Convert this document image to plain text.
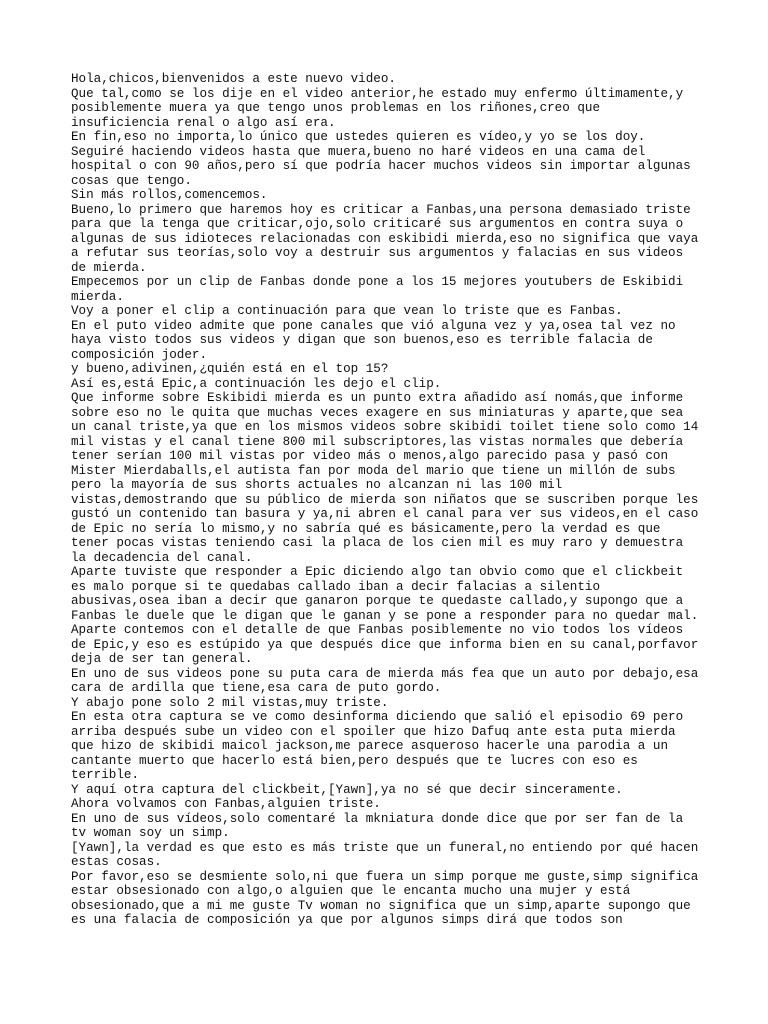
Hola,chicos,bienvenidos a este nuevo video.
Que tal,como se los dije en el video anterior,he estado muy enfermo últimamente,y
posiblemente muera ya que tengo unos problemas en los riñones,creo que
insuficiencia renal o algo así era.
En fin,eso no importa,lo único que ustedes quieren es vídeo,y yo se los doy.
Seguiré haciendo videos hasta que muera,bueno no haré videos en una cama del
hospital o con 90 años,pero sí que podría hacer muchos videos sin importar algunas
cosas que tengo.
Sin más rollos,comencemos.
Bueno,lo primero que haremos hoy es criticar a Fanbas,una persona demasiado triste
para que la tenga que criticar,ojo,solo criticaré sus argumentos en contra suya o
algunas de sus idioteces relacionadas con eskibidi mierda,eso no significa que vaya
a refutar sus teorías,solo voy a destruir sus argumentos y falacias en sus videos
de mierda.
Empecemos por un clip de Fanbas donde pone a los 15 mejores youtubers de Eskibidi
mierda.
Voy a poner el clip a continuación para que vean lo triste que es Fanbas.
En el puto video admite que pone canales que vió alguna vez y ya,osea tal vez no
haya visto todos sus videos y digan que son buenos,eso es terrible falacia de
composición joder.
y bueno,adivinen,¿quién está en el top 15?
Así es,está Epic,a continuación les dejo el clip.
Que informe sobre Eskibidi mierda es un punto extra añadido así nomás,que informe
sobre eso no le quita que muchas veces exagere en sus miniaturas y aparte,que sea
un canal triste,ya que en los mismos videos sobre skibidi toilet tiene solo como 14
mil vistas y el canal tiene 800 mil subscriptores,las vistas normales que debería
tener serían 100 mil vistas por video más o menos,algo parecido pasa y pasó con
Mister Mierdaballs,el autista fan por moda del mario que tiene un millón de subs
pero la mayoría de sus shorts actuales no alcanzan ni las 100 mil
vistas,demostrando que su público de mierda son niñatos que se suscriben porque les
gustó un contenido tan basura y ya,ni abren el canal para ver sus videos,en el caso
de Epic no sería lo mismo,y no sabría qué es básicamente,pero la verdad es que
tener pocas vistas teniendo casi la placa de los cien mil es muy raro y demuestra
la decadencia del canal.
Aparte tuviste que responder a Epic diciendo algo tan obvio como que el clickbeit
es malo porque si te quedabas callado iban a decir falacias a silentio
abusivas,osea iban a decir que ganaron porque te quedaste callado,y supongo que a
Fanbas le duele que le digan que le ganan y se pone a responder para no quedar mal.
Aparte contemos con el detalle de que Fanbas posiblemente no vio todos los vídeos
de Epic,y eso es estúpido ya que después dice que informa bien en su canal,porfavor
deja de ser tan general.
En uno de sus videos pone su puta cara de mierda más fea que un auto por debajo,esa
cara de ardilla que tiene,esa cara de puto gordo.
Y abajo pone solo 2 mil vistas,muy triste.
En esta otra captura se ve como desinforma diciendo que salió el episodio 69 pero
arriba después sube un video con el spoiler que hizo Dafuq ante esta puta mierda
que hizo de skibidi maicol jackson,me parece asqueroso hacerle una parodia a un
cantante muerto que hacerlo está bien,pero después que te lucres con eso es
terrible.
Y aquí otra captura del clickbeit,[Yawn],ya no sé que decir sinceramente.
Ahora volvamos con Fanbas,alguien triste.
En uno de sus vídeos,solo comentaré la mkniatura donde dice que por ser fan de la
tv woman soy un simp.
[Yawn],la verdad es que esto es más triste que un funeral,no entiendo por qué hacen
estas cosas.
Por favor,eso se desmiente solo,ni que fuera un simp porque me guste,simp significa
estar obsesionado con algo,o alguien que le encanta mucho una mujer y está
obsesionado,que a mi me guste Tv woman no significa que un simp,aparte supongo que
es una falacia de composición ya que por algunos simps dirá que todos son
